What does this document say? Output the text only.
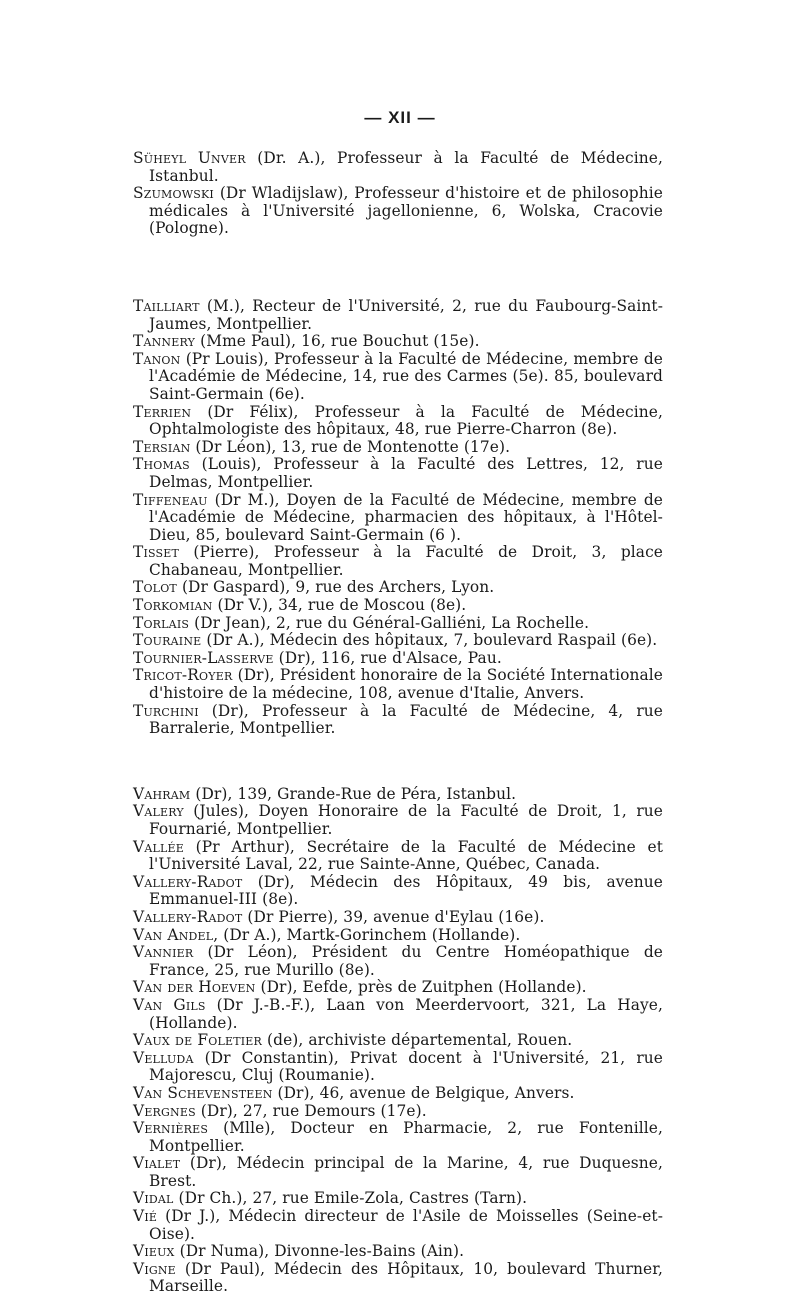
— XII —

Süheyl Unver (Dr. A.), Professeur à la Faculté de Médecine, Istanbul.

Szumowski (Dr Wladijslaw), Professeur d'histoire et de philosophie médicales à l'Université jagellonienne, 6, Wolska, Cracovie (Pologne).

Tailliart (M.), Recteur de l'Université, 2, rue du Faubourg-Saint-Jaumes, Montpellier.

Tannery (Mme Paul), 16, rue Bouchut (15e).

Tanon (Pr Louis), Professeur à la Faculté de Médecine, membre de l'Académie de Médecine, 14, rue des Carmes (5e). 85, boulevard Saint-Germain (6e).

Terrien (Dr Félix), Professeur à la Faculté de Médecine, Ophtalmologiste des hôpitaux, 48, rue Pierre-Charron (8e).

Tersian (Dr Léon), 13, rue de Montenotte (17e).

Thomas (Louis), Professeur à la Faculté des Lettres, 12, rue Delmas, Montpellier.

Tiffeneau (Dr M.), Doyen de la Faculté de Médecine, membre de l'Académie de Médecine, pharmacien des hôpitaux, à l'Hôtel-Dieu, 85, boulevard Saint-Germain (6 ).

Tisset (Pierre), Professeur à la Faculté de Droit, 3, place Chabaneau, Montpellier.

Tolot (Dr Gaspard), 9, rue des Archers, Lyon.

Torkomian (Dr V.), 34, rue de Moscou (8e).

Torlais (Dr Jean), 2, rue du Général-Galliéni, La Rochelle.

Touraine (Dr A.), Médecin des hôpitaux, 7, boulevard Raspail (6e).

Tournier-Lasserve (Dr), 116, rue d'Alsace, Pau.

Tricot-Royer (Dr), Président honoraire de la Société Internationale d'histoire de la médecine, 108, avenue d'Italie, Anvers.

Turchini (Dr), Professeur à la Faculté de Médecine, 4, rue Barralerie, Montpellier.

Vahram (Dr), 139, Grande-Rue de Péra, Istanbul.

Valery (Jules), Doyen Honoraire de la Faculté de Droit, 1, rue Fournarié, Montpellier.

Vallée (Pr Arthur), Secrétaire de la Faculté de Médecine et l'Université Laval, 22, rue Sainte-Anne, Québec, Canada.

Vallery-Radot (Dr), Médecin des Hôpitaux, 49 bis, avenue Emmanuel-III (8e).

Vallery-Radot (Dr Pierre), 39, avenue d'Eylau (16e).

Van Andel, (Dr A.), Martk-Gorinchem (Hollande).

Vannier (Dr Léon), Président du Centre Homéopathique de France, 25, rue Murillo (8e).

Van der Hoeven (Dr), Eefde, près de Zuitphen (Hollande).

Van Gils (Dr J.-B.-F.), Laan von Meerdervoort, 321, La Haye, (Hollande).

Vaux de Foletier (de), archiviste départemental, Rouen.

Velluda (Dr Constantin), Privat docent à l'Université, 21, rue Majorescu, Cluj (Roumanie).

Van Schevensteen (Dr), 46, avenue de Belgique, Anvers.

Vergnes (Dr), 27, rue Demours (17e).

Vernières (Mlle), Docteur en Pharmacie, 2, rue Fontenille, Montpellier.

Vialet (Dr), Médecin principal de la Marine, 4, rue Duquesne, Brest.

Vidal (Dr Ch.), 27, rue Emile-Zola, Castres (Tarn).

Vié (Dr J.), Médecin directeur de l'Asile de Moisselles (Seine-et-Oise).

Vieux (Dr Numa), Divonne-les-Bains (Ain).

Vigne (Dr Paul), Médecin des Hôpitaux, 10, boulevard Thurner, Marseille.
